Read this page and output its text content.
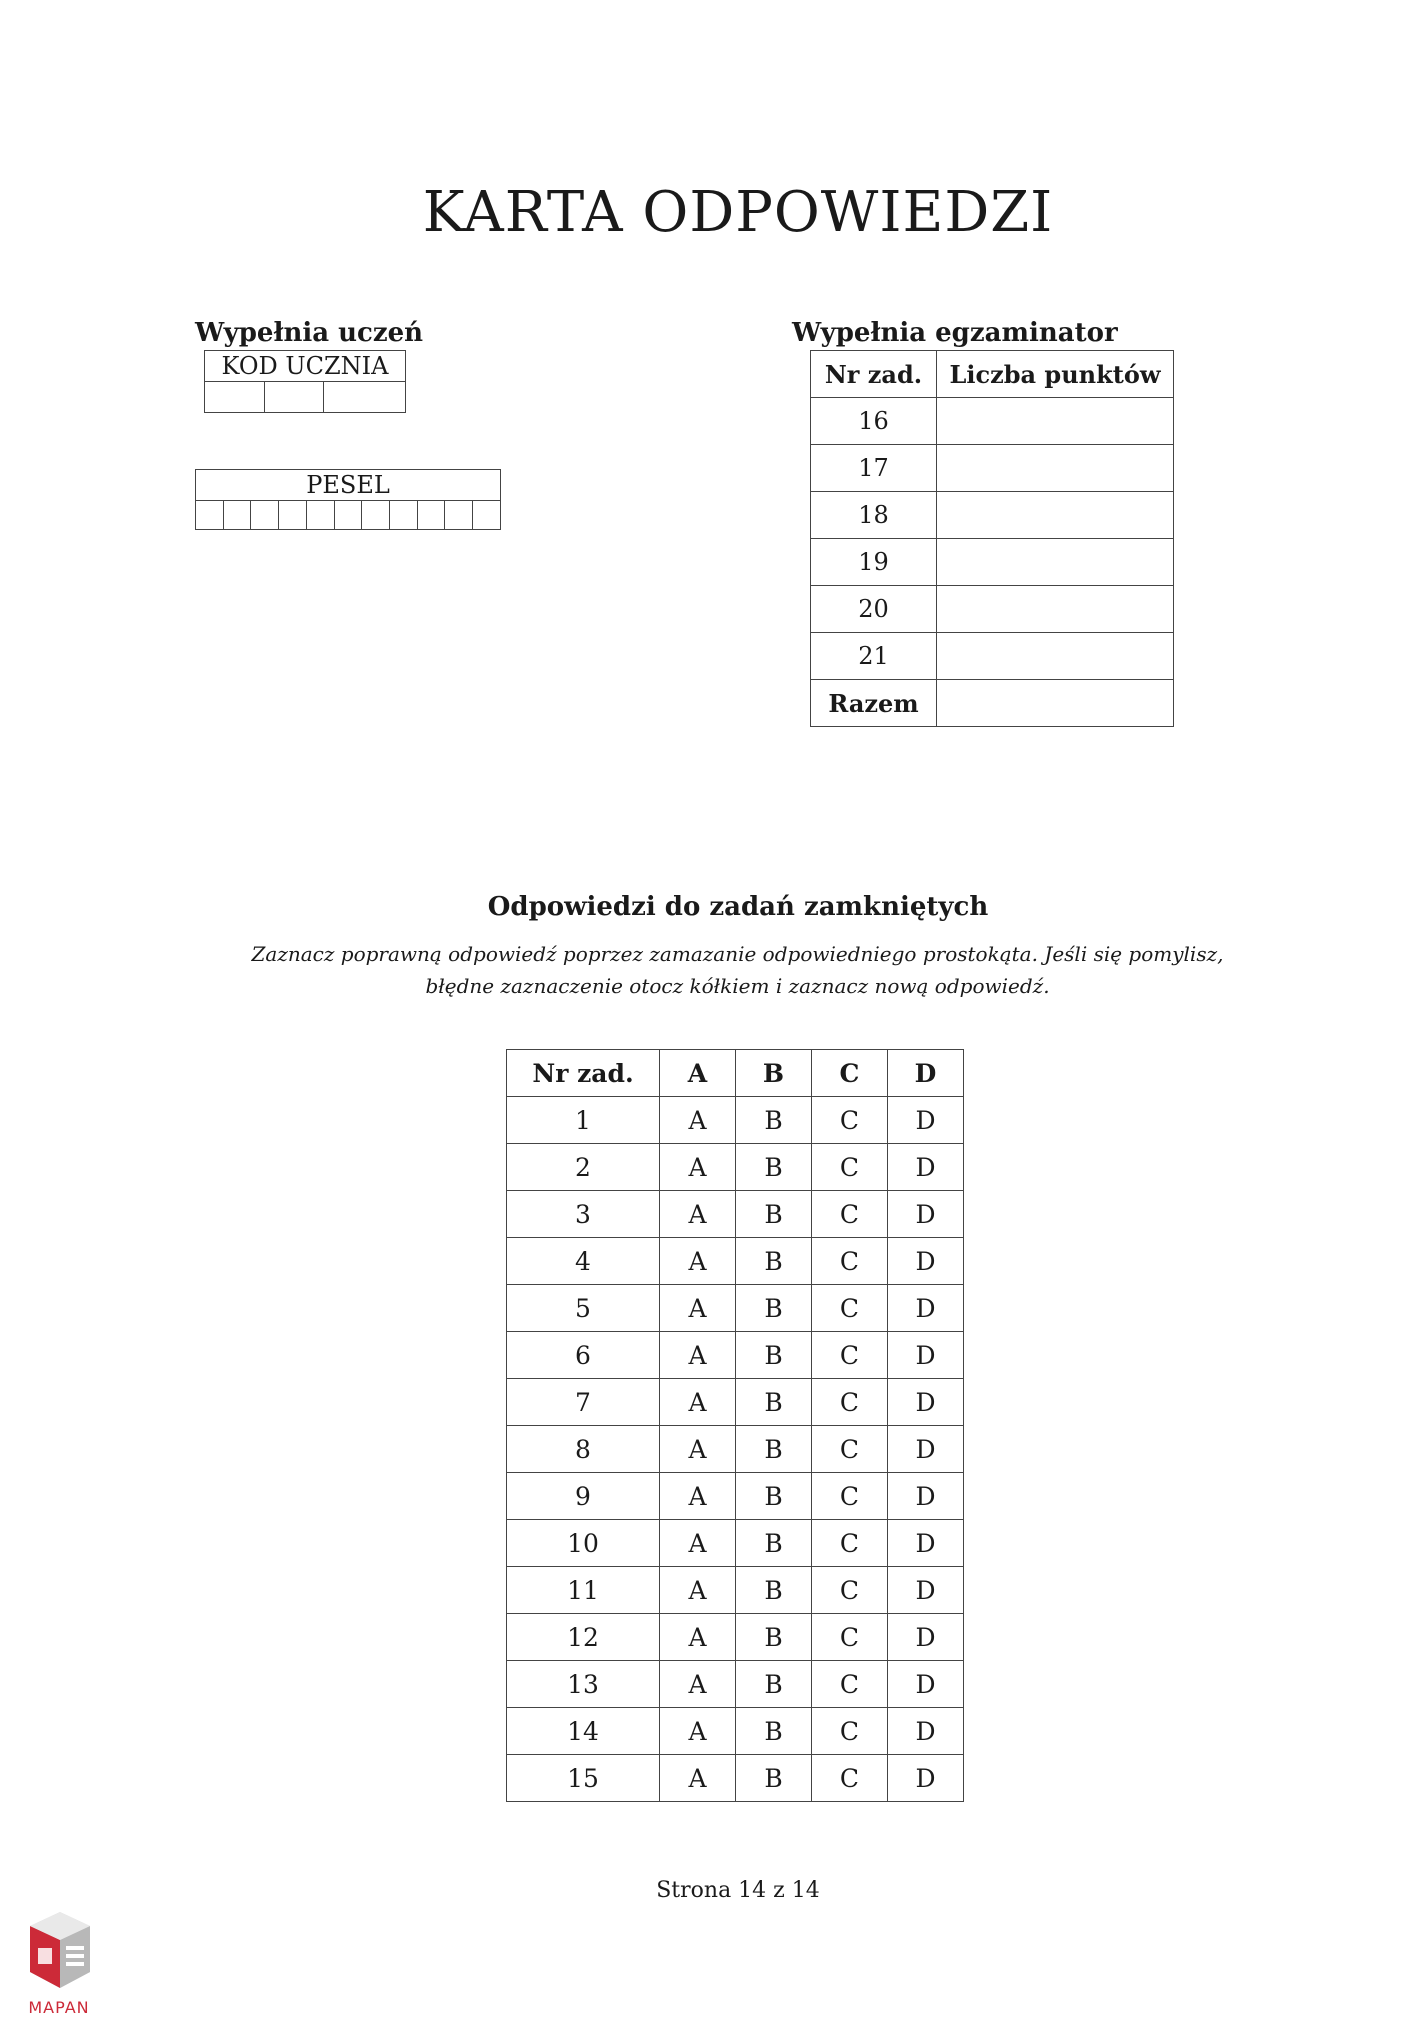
KARTA ODPOWIEDZI
Wypełnia uczeń
KOD UCZNIA

PESEL

Wypełnia egzaminator
Nr zad.	Liczba punktów
16	
17	
18	
19	
20	
21	
Razem	
Odpowiedzi do zadań zamkniętych
Zaznacz poprawną odpowiedź poprzez zamazanie odpowiedniego prostokąta. Jeśli się pomylisz, błędne zaznaczenie otocz kółkiem i zaznacz nową odpowiedź.
Nr zad.	A	B	C	D
1	A	B	C	D
2	A	B	C	D
3	A	B	C	D
4	A	B	C	D
5	A	B	C	D
6	A	B	C	D
7	A	B	C	D
8	A	B	C	D
9	A	B	C	D
10	A	B	C	D
11	A	B	C	D
12	A	B	C	D
13	A	B	C	D
14	A	B	C	D
15	A	B	C	D
Strona 14 z 14
MAPAN
